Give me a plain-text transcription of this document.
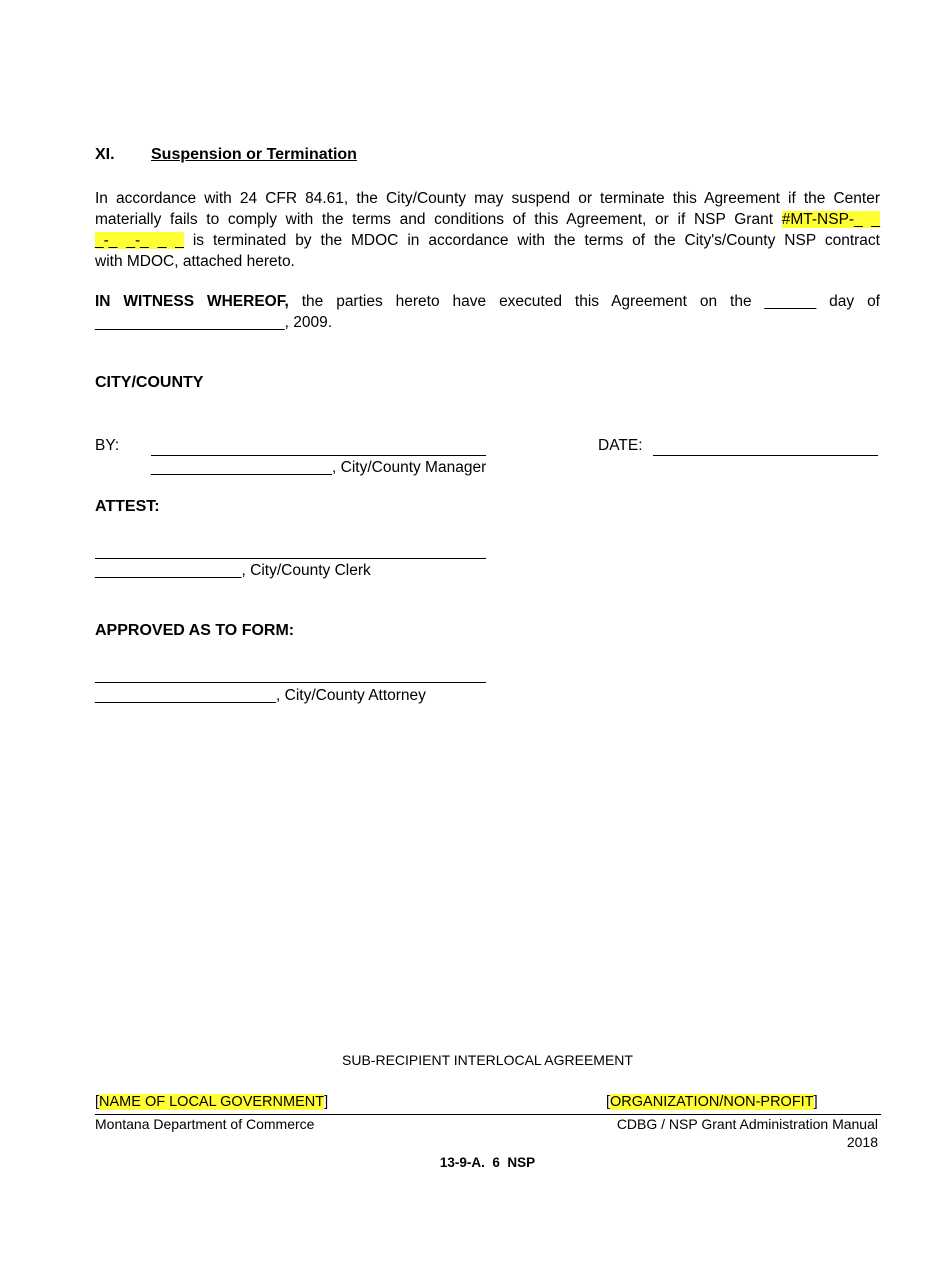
XI. Suspension or Termination
In accordance with 24 CFR 84.61, the City/County may suspend or terminate this Agreement if the Center
materially fails to comply with the terms and conditions of this Agreement, or if NSP Grant #MT-NSP-_ _
_-_ _-_ _ _ is terminated by the MDOC in accordance with the terms of the City's/County NSP contract
with MDOC, attached hereto.
IN WITNESS WHEREOF, the parties hereto have executed this Agreement on the ______ day of
______________________, 2009.
CITY/COUNTY
BY:	DATE:
_____________________, City/County Manager
ATTEST:
_________________, City/County Clerk
APPROVED AS TO FORM:
_____________________, City/County Attorney
SUB-RECIPIENT INTERLOCAL AGREEMENT
[NAME OF LOCAL GOVERNMENT]	[ORGANIZATION/NON-PROFIT]
Montana Department of Commerce	CDBG / NSP Grant Administration Manual
2018
13-9-A.  6  NSP
